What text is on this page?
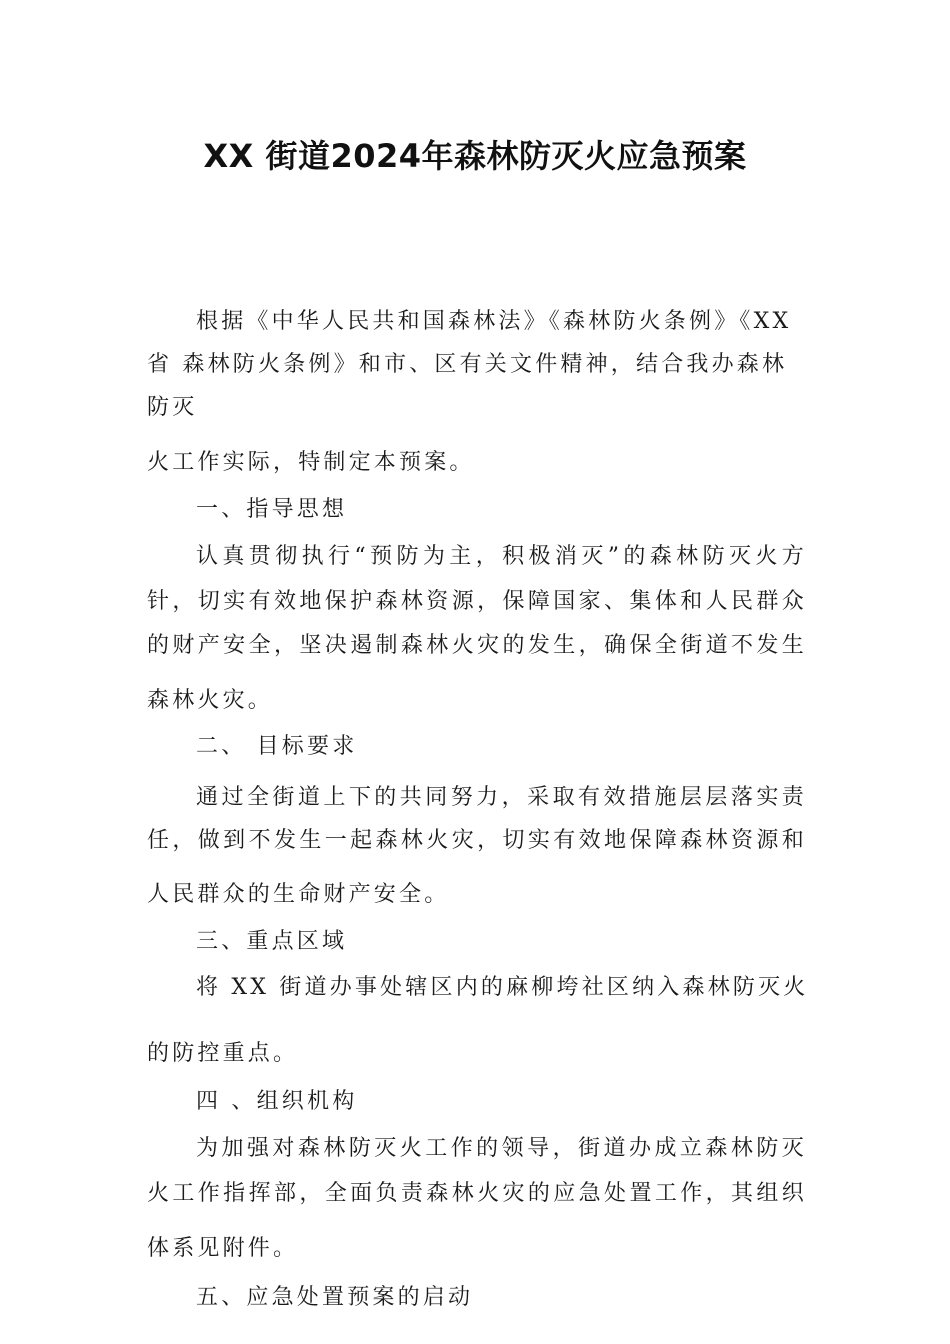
XX 街道2024年森林防灭火应急预案
根据《中华人民共和国森林法》《森林防火条例》《XX
省 森林防火条例》和市、区有关文件精神，结合我办森林
防灭
火工作实际，特制定本预案。
一、指导思想
认真贯彻执行“预防为主，积极消灭”的森林防灭火方
针，切实有效地保护森林资源，保障国家、集体和人民群众
的财产安全，坚决遏制森林火灾的发生，确保全街道不发生
森林火灾。
二、 目标要求
通过全街道上下的共同努力，采取有效措施层层落实责
任，做到不发生一起森林火灾，切实有效地保障森林资源和
人民群众的生命财产安全。
三、重点区域
将 XX 街道办事处辖区内的麻柳垮社区纳入森林防灭火
的防控重点。
四 、组织机构
为加强对森林防灭火工作的领导，街道办成立森林防灭
火工作指挥部，全面负责森林火灾的应急处置工作，其组织
体系见附件。
五、应急处置预案的启动
